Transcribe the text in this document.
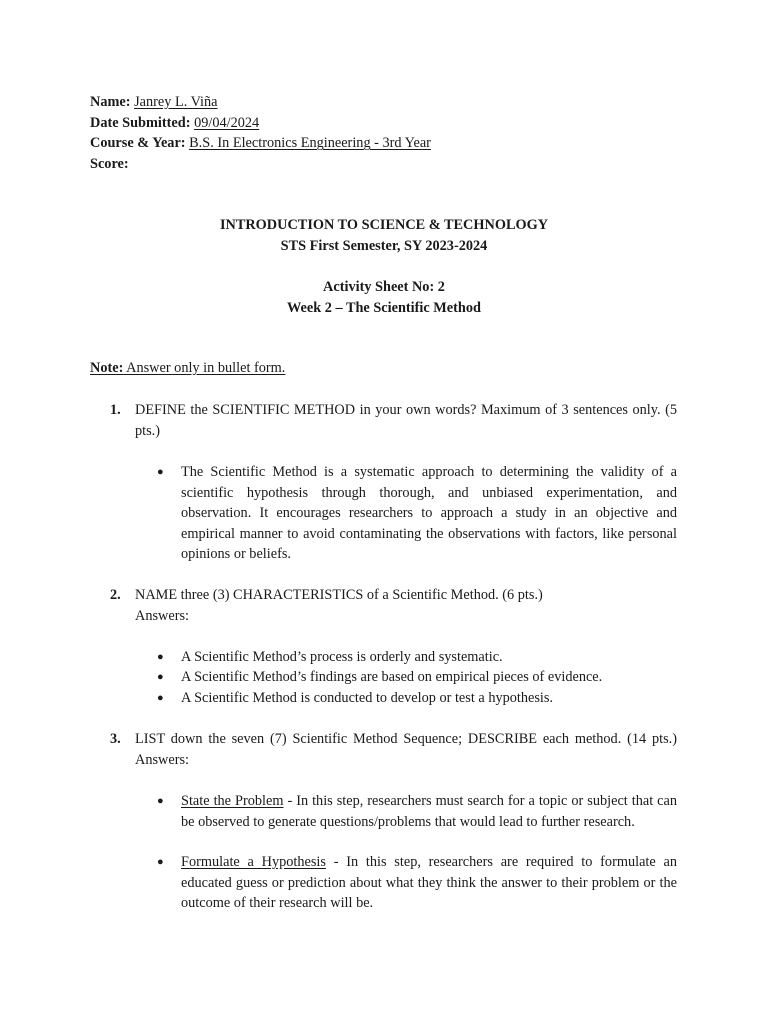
Name: Janrey L. Viña
Date Submitted: 09/04/2024
Course & Year: B.S. In Electronics Engineering - 3rd Year
Score:
INTRODUCTION TO SCIENCE & TECHNOLOGY
STS First Semester, SY 2023-2024
Activity Sheet No: 2
Week 2 – The Scientific Method
Note: Answer only in bullet form.
1. DEFINE the SCIENTIFIC METHOD in your own words? Maximum of 3 sentences only. (5 pts.)
● The Scientific Method is a systematic approach to determining the validity of a scientific hypothesis through thorough, and unbiased experimentation, and observation. It encourages researchers to approach a study in an objective and empirical manner to avoid contaminating the observations with factors, like personal opinions or beliefs.
2. NAME three (3) CHARACTERISTICS of a Scientific Method. (6 pts.)
Answers:
● A Scientific Method’s process is orderly and systematic.
● A Scientific Method’s findings are based on empirical pieces of evidence.
● A Scientific Method is conducted to develop or test a hypothesis.
3. LIST down the seven (7) Scientific Method Sequence; DESCRIBE each method. (14 pts.) Answers:
● State the Problem - In this step, researchers must search for a topic or subject that can be observed to generate questions/problems that would lead to further research.
● Formulate a Hypothesis - In this step, researchers are required to formulate an educated guess or prediction about what they think the answer to their problem or the outcome of their research will be.
